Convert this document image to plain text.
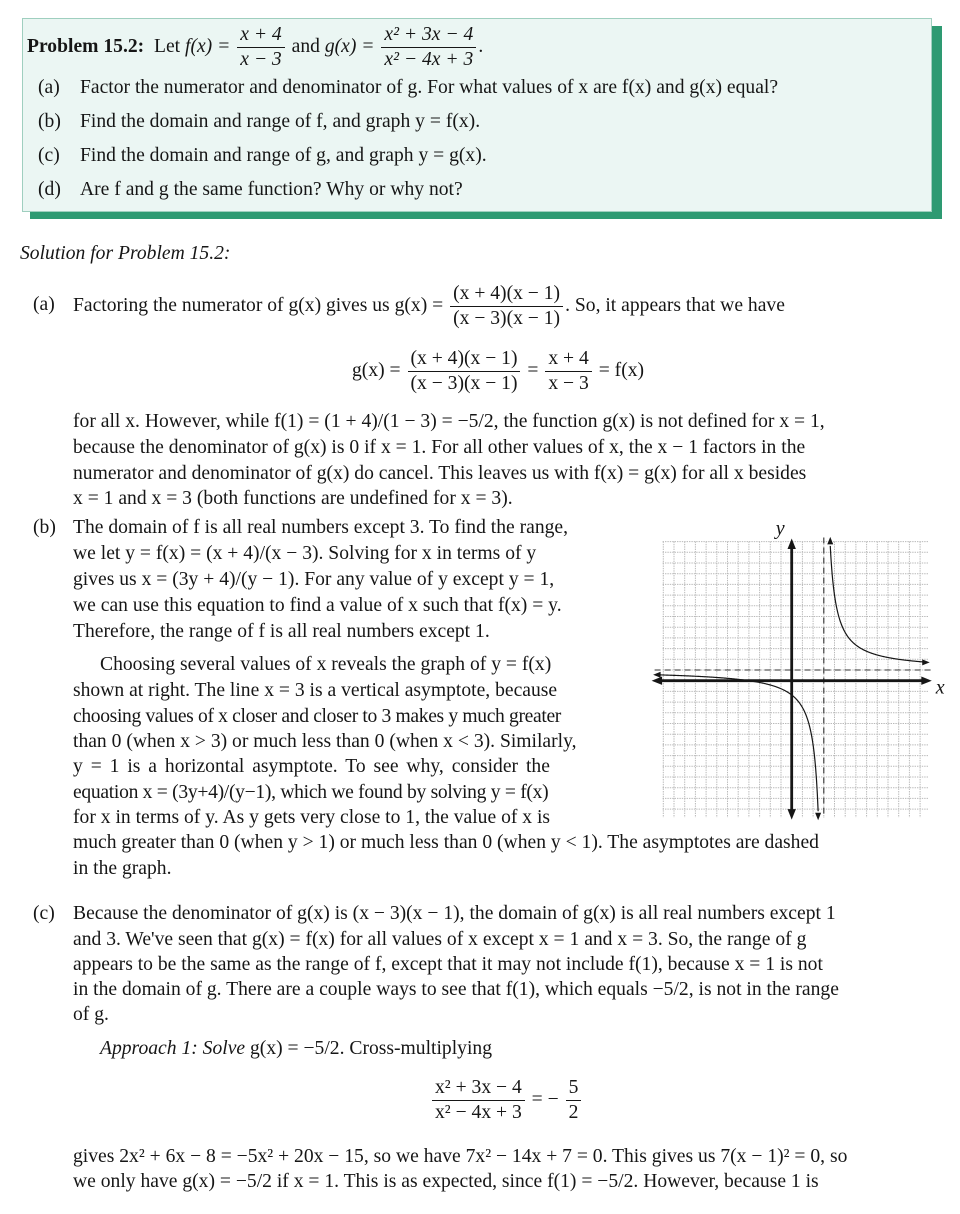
Problem 15.2: Let $f(x) = \frac{x + 4}{x - 3}$ and $g(x) = \frac{\text{x² + 3x − 4}}{\text{x² − 4x + 3}}$ .
(a) Factor the numerator and denominator of g. For what values of x are f(x) and g(x) equal?
(b) Find the domain and range of f, and graph y = f(x).
(c) Find the domain and range of g, and graph y = g(x).
(d) Are f and g the same function? Why or why not?
Solution for Problem 15.2:
(a) Factoring the numerator of g(x) gives us $g(x) = \frac{(x + 4)(x - 1)}{(x - 3)(x - 1)}$ . So, it appears that we have
$g(x) = \frac{(x + 4)(x - 1)}{(x - 3)(x - 1)} = \frac{x + 4}{x - 3} = f(x)$
for all x. However, while f(1) = (1 + 4)/(1 − 3) = −5/2, the function g(x) is not defined for x = 1,
because the denominator of g(x) is 0 if x = 1. For all other values of x, the x − 1 factors in the
numerator and denominator of g(x) do cancel. This leaves us with f(x) = g(x) for all x besides
x = 1 and x = 3 (both functions are undefined for x = 3).
(b) The domain of f is all real numbers except 3. To find the range,
we let y = f(x) = (x + 4)/(x − 3). Solving for x in terms of y
gives us x = (3y + 4)/(y − 1). For any value of y except y = 1,
we can use this equation to find a value of x such that f(x) = y.
Therefore, the range of f is all real numbers except 1.
Choosing several values of x reveals the graph of y = f(x)
shown at right. The line x = 3 is a vertical asymptote, because
choosing values of x closer and closer to 3 makes y much greater
than 0 (when x > 3) or much less than 0 (when x < 3). Similarly,
y = 1 is a horizontal asymptote. To see why, consider the
equation x = (3y+4)/(y−1), which we found by solving y = f(x)
for x in terms of y. As y gets very close to 1, the value of x is
much greater than 0 (when y > 1) or much less than 0 (when y < 1). The asymptotes are dashed
in the graph.
x
y
(c) Because the denominator of g(x) is (x − 3)(x − 1), the domain of g(x) is all real numbers except 1
and 3. We've seen that g(x) = f(x) for all values of x except x = 1 and x = 3. So, the range of g
appears to be the same as the range of f, except that it may not include f(1), because x = 1 is not
in the domain of g. There are a couple ways to see that f(1), which equals −5/2, is not in the range
of g.
Approach 1: Solve g(x) = −5/2. Cross-multiplying
$\frac{\text{x² + 3x − 4}}{\text{x² − 4x + 3}}$ = − $\frac{5}{2}$
gives 2x² + 6x − 8 = −5x² + 20x − 15, so we have 7x² − 14x + 7 = 0. This gives us 7(x − 1)² = 0, so
we only have g(x) = −5/2 if x = 1. This is as expected, since f(1) = −5/2. However, because 1 is
